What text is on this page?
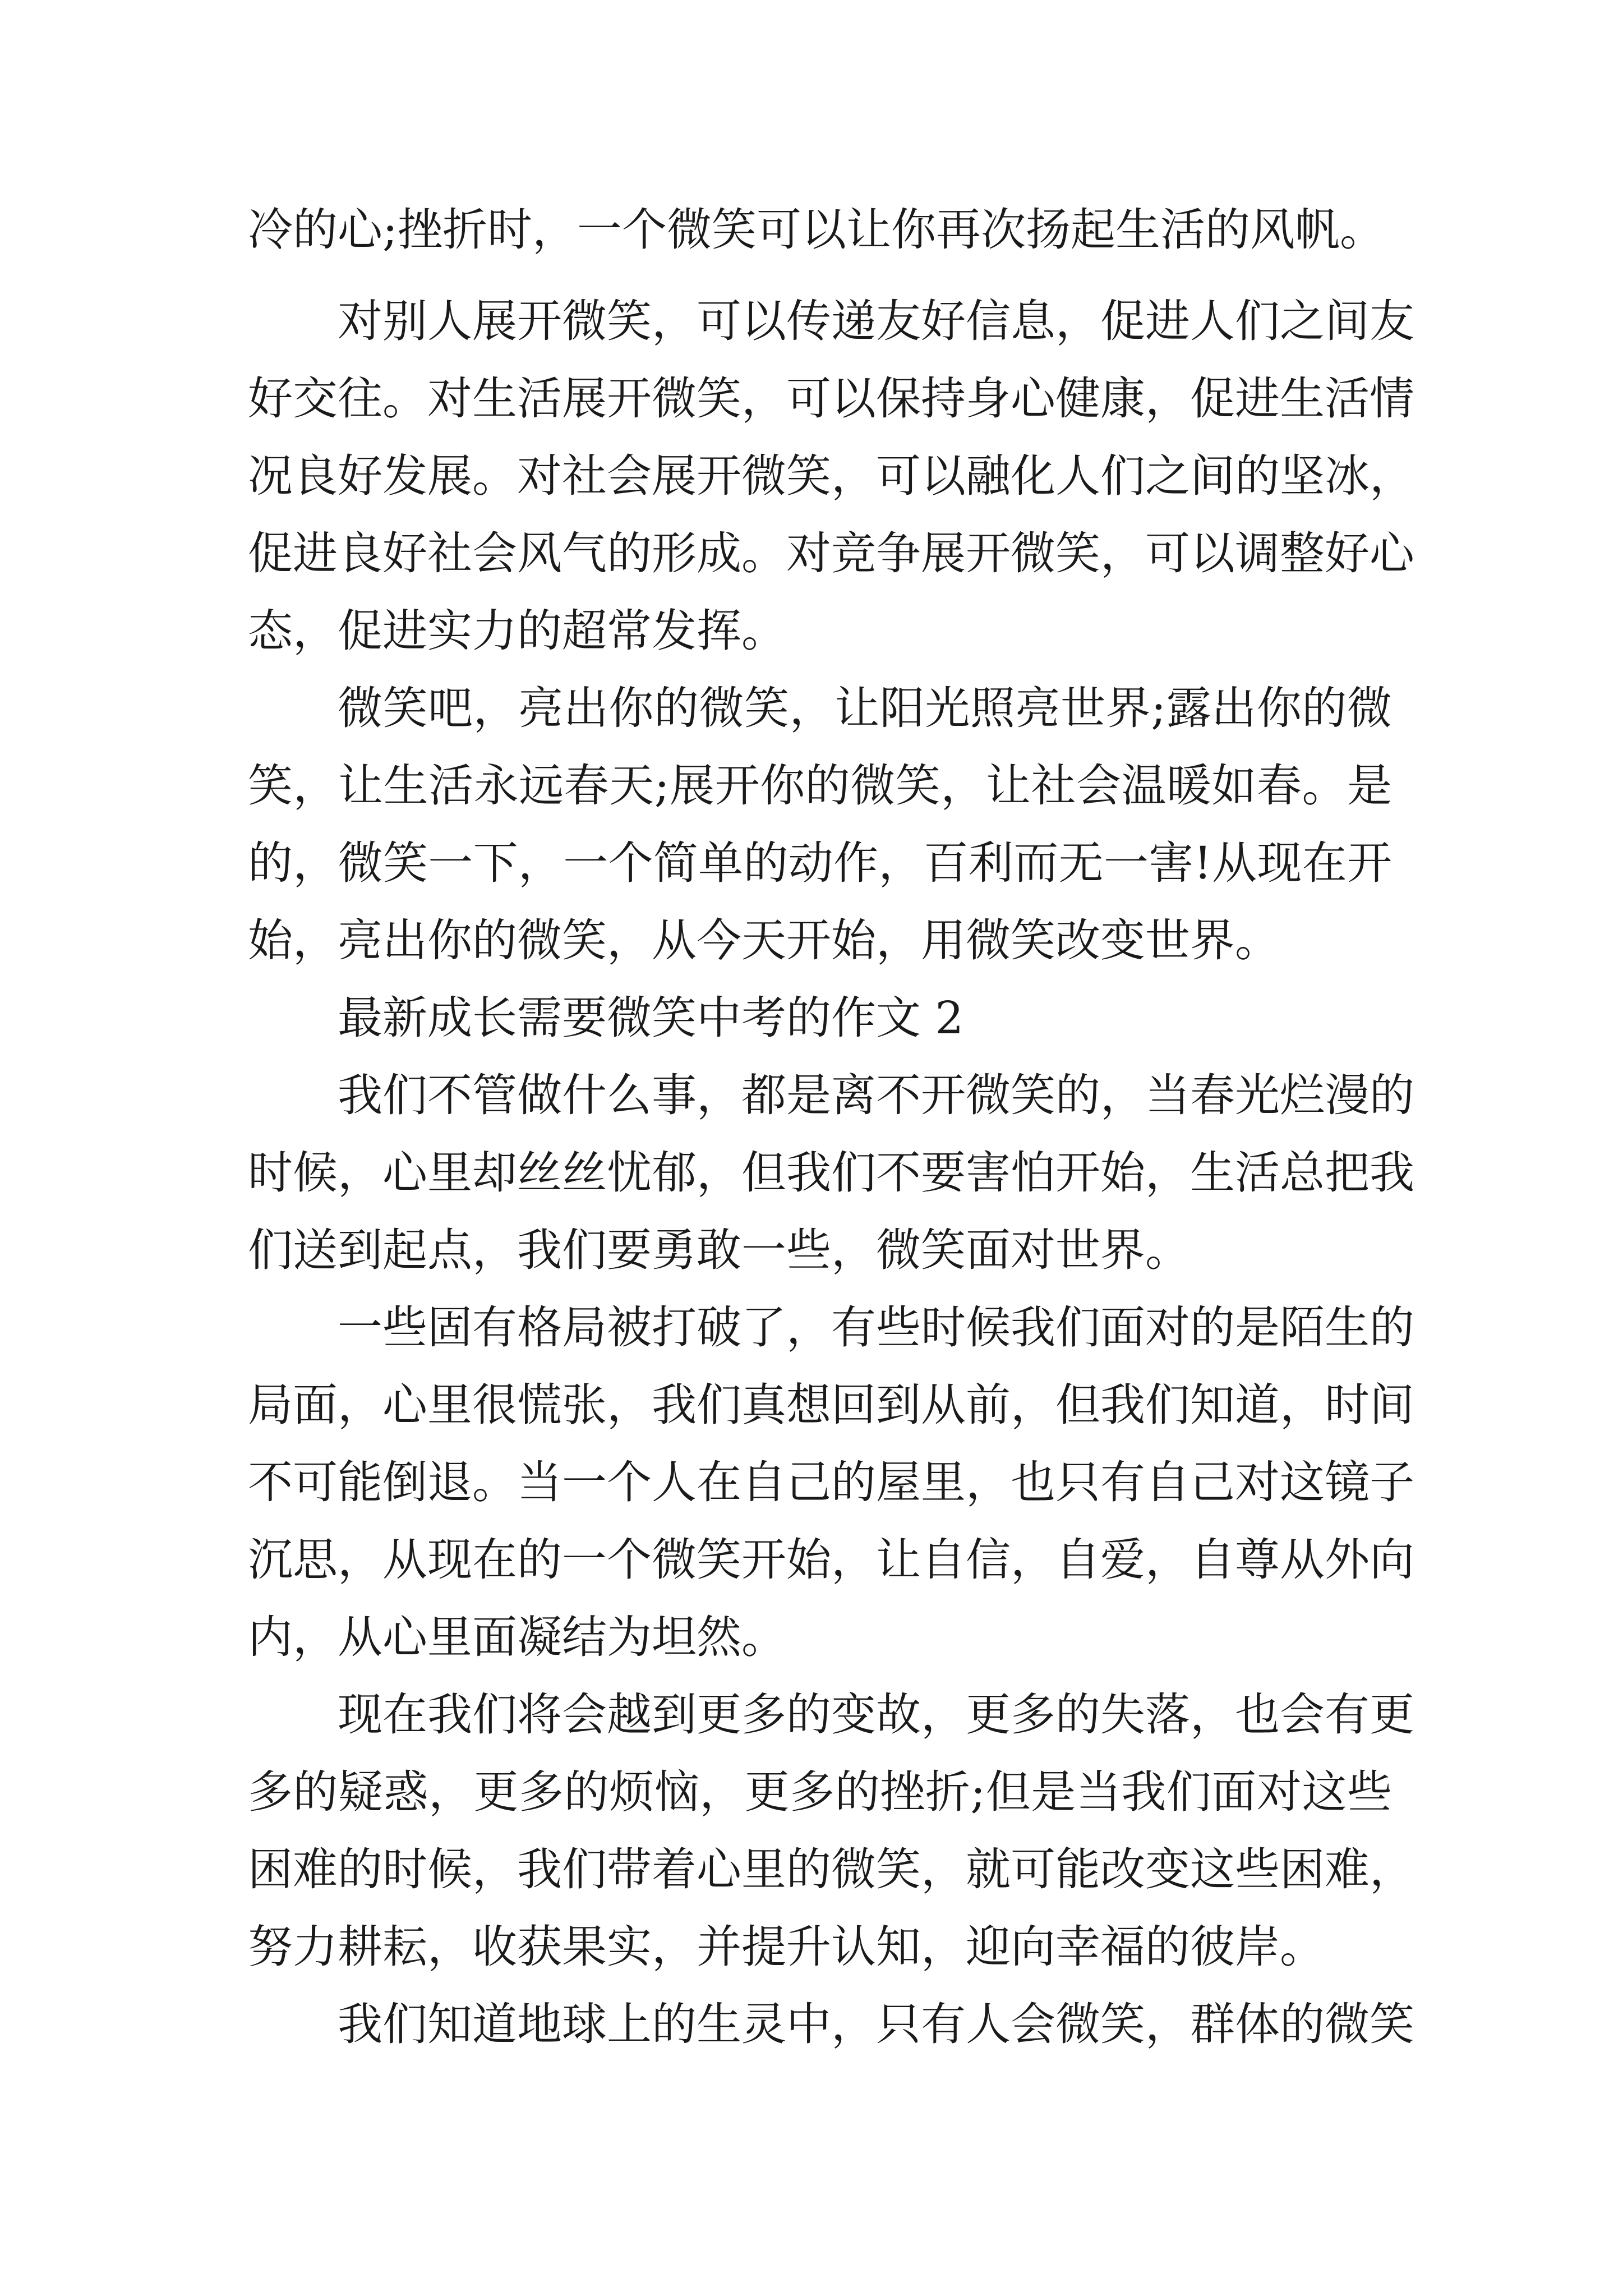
冷的心;挫折时，一个微笑可以让你再次扬起生活的风帆。
对别人展开微笑，可以传递友好信息，促进人们之间友
好交往。对生活展开微笑，可以保持身心健康，促进生活情
况良好发展。对社会展开微笑，可以融化人们之间的坚冰，
促进良好社会风气的形成。对竞争展开微笑，可以调整好心
态，促进实力的超常发挥。
微笑吧，亮出你的微笑，让阳光照亮世界;露出你的微
笑，让生活永远春天;展开你的微笑，让社会温暖如春。是
的，微笑一下，一个简单的动作，百利而无一害!从现在开
始，亮出你的微笑，从今天开始，用微笑改变世界。
最新成长需要微笑中考的作文 2
我们不管做什么事，都是离不开微笑的，当春光烂漫的
时候，心里却丝丝忧郁，但我们不要害怕开始，生活总把我
们送到起点，我们要勇敢一些，微笑面对世界。
一些固有格局被打破了，有些时候我们面对的是陌生的
局面，心里很慌张，我们真想回到从前，但我们知道，时间
不可能倒退。当一个人在自己的屋里，也只有自己对这镜子
沉思，从现在的一个微笑开始，让自信，自爱，自尊从外向
内，从心里面凝结为坦然。
现在我们将会越到更多的变故，更多的失落，也会有更
多的疑惑，更多的烦恼，更多的挫折;但是当我们面对这些
困难的时候，我们带着心里的微笑，就可能改变这些困难，
努力耕耘，收获果实，并提升认知，迎向幸福的彼岸。
我们知道地球上的生灵中，只有人会微笑，群体的微笑
